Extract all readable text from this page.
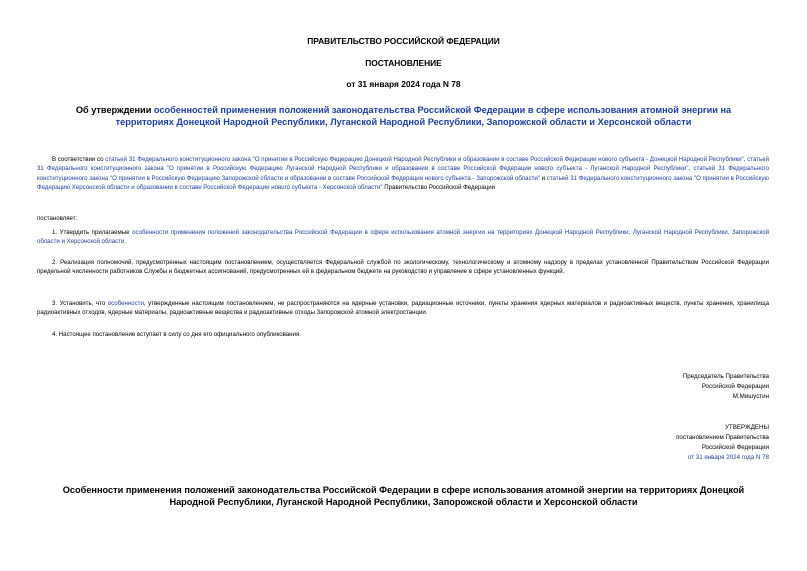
ПРАВИТЕЛЬСТВО РОССИЙСКОЙ ФЕДЕРАЦИИ
ПОСТАНОВЛЕНИЕ
от 31 января 2024 года N 78
Об утверждении особенностей применения положений законодательства Российской Федерации в сфере использования атомной энергии на территориях Донецкой Народной Республики, Луганской Народной Республики, Запорожской области и Херсонской области
В соответствии со статьей 31 Федерального конституционного закона "О принятии в Российскую Федерацию Донецкой Народной Республики и образовании в составе Российской Федерации нового субъекта - Донецкой Народной Республики", статьей 31 Федерального конституционного закона "О принятии в Российскую Федерацию Луганской Народной Республики и образовании в составе Российской Федерации нового субъекта - Луганской Народной Республики", статьей 31 Федерального конституционного закона "О принятии в Российскую Федерацию Запорожской области и образовании в составе Российской Федерации нового субъекта - Запорожской области" и статьей 31 Федерального конституционного закона "О принятии в Российскую Федерацию Херсонской области и образовании в составе Российской Федерации нового субъекта - Херсонской области" Правительство Российской Федерации
постановляет:
1. Утвердить прилагаемые особенности применения положений законодательства Российской Федерации в сфере использования атомной энергии на территориях Донецкой Народной Республики, Луганской Народной Республики, Запорожской области и Херсонской области.
2. Реализация полномочий, предусмотренных настоящим постановлением, осуществляется Федеральной службой по экологическому, технологическому и атомному надзору в пределах установленной Правительством Российской Федерации предельной численности работников Службы и бюджетных ассигнований, предусмотренных ей в федеральном бюджете на руководство и управление в сфере установленных функций.
3. Установить, что особенности, утвержденные настоящим постановлением, не распространяются на ядерные установки, радиационные источники, пункты хранения ядерных материалов и радиоактивных веществ, пункты хранения, хранилища радиоактивных отходов, ядерные материалы, радиоактивные вещества и радиоактивные отходы Запорожской атомной электростанции.
4. Настоящее постановление вступает в силу со дня его официального опубликования.
Председатель Правительства
Российской Федерации
М.Мишустин
УТВЕРЖДЕНЫ
постановлением Правительства
Российской Федерации
от 31 января 2024 года N 78
Особенности применения положений законодательства Российской Федерации в сфере использования атомной энергии на территориях Донецкой Народной Республики, Луганской Народной Республики, Запорожской области и Херсонской области
